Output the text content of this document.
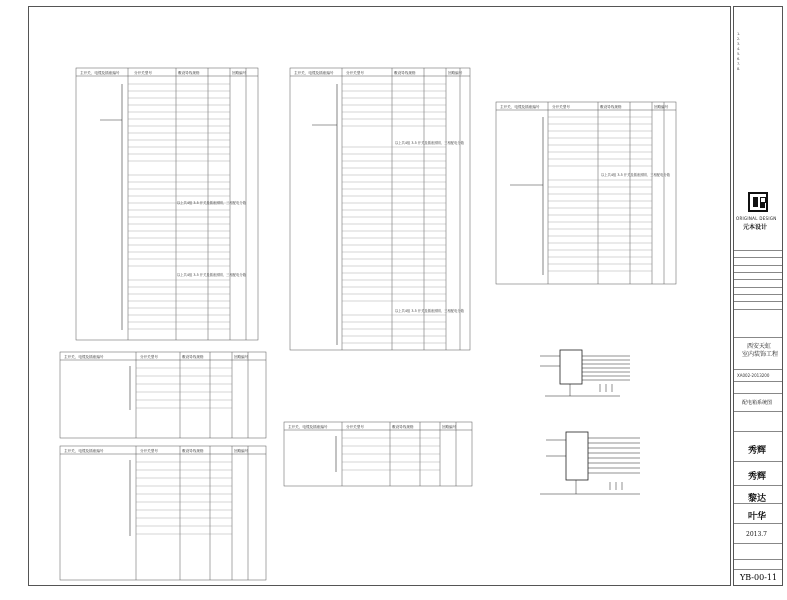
主开关、电缆及插座编号	分开关型号	敷设导线规格	回路编号
以上共4组 3-5 开关及插座照明、三相配电分箱
以上共4组 3-5 开关及插座照明、三相配电分箱
主开关、电缆及插座编号	分开关型号	敷设导线规格	回路编号
以上共4组 3-5 开关及插座照明、三相配电分箱
以上共4组 3-5 开关及插座照明、三相配电分箱
主开关、电缆及插座编号	分开关型号	敷设导线规格	回路编号
以上共4组 3-5 开关及插座照明、三相配电分箱
主开关、电缆及插座编号	分开关型号	敷设导线规格	回路编号
主开关、电缆及插座编号	分开关型号	敷设导线规格	回路编号
主开关、电缆及插座编号	分开关型号	敷设导线规格	回路编号
1.
2.
3.
4.
5.
6.
7.
8.
ORIGINAL DESIGN
元本设计
西安天虹
室内装饰工程
XA002-2013200
配电箱系统图
秀辉
秀辉
黎达
叶华
2013.7
YB-00-11
